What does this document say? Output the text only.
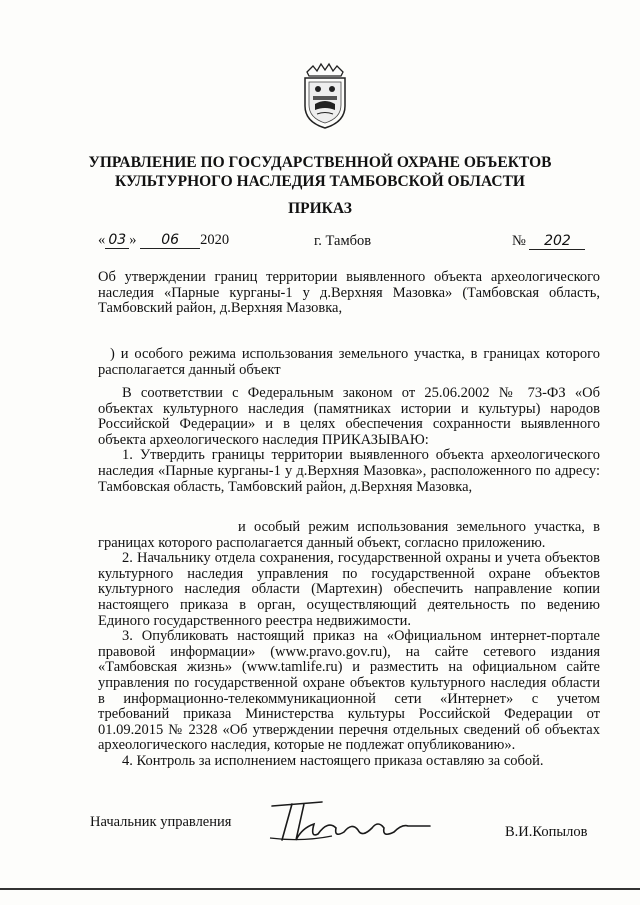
УПРАВЛЕНИЕ ПО ГОСУДАРСТВЕННОЙ ОХРАНЕ ОБЪЕКТОВ
КУЛЬТУРНОГО НАСЛЕДИЯ ТАМБОВСКОЙ ОБЛАСТИ
ПРИКАЗ
« 03 » 06 2020	г. Тамбов	№ 202

Об утверждении границ территории выявленного объекта археологического

наследия «Парные курганы-1 у д.Верхняя Мазовка» (Тамбовская область,

Тамбовский район, д.Верхняя Мазовка,

) и особого режима использования земельного участка, в границах которого

располагается данный объект

В соответствии с Федеральным законом от 25.06.2002 № 73-ФЗ «Об объектах культурного наследия (памятниках истории и культуры) народов Российской Федерации» и в целях обеспечения сохранности выявленного объекта археологического наследия ПРИКАЗЫВАЮ:

1. Утвердить границы территории выявленного объекта археологического наследия «Парные курганы-1 у д.Верхняя Мазовка», расположенного по адресу: Тамбовская область, Тамбовский район, д.Верхняя Мазовка,

и особый режим использования земельного участка, в границах которого располагается данный объект, согласно приложению.

2. Начальнику отдела сохранения, государственной охраны и учета объектов культурного наследия управления по государственной охране объектов культурного наследия области (Мартехин) обеспечить направление копии настоящего приказа в орган, осуществляющий деятельность по ведению Единого государственного реестра недвижимости.

3. Опубликовать настоящий приказ на «Официальном интернет-портале правовой информации» (www.pravo.gov.ru), на сайте сетевого издания «Тамбовская жизнь» (www.tamlife.ru) и разместить на официальном сайте управления по государственной охране объектов культурного наследия области в информационно-телекоммуникационной сети «Интернет» с учетом требований приказа Министерства культуры Российской Федерации от 01.09.2015 № 2328 «Об утверждении перечня отдельных сведений об объектах археологического наследия, которые не подлежат опубликованию».

4. Контроль за исполнением настоящего приказа оставляю за собой.

Начальник управления
В.И.Копылов
